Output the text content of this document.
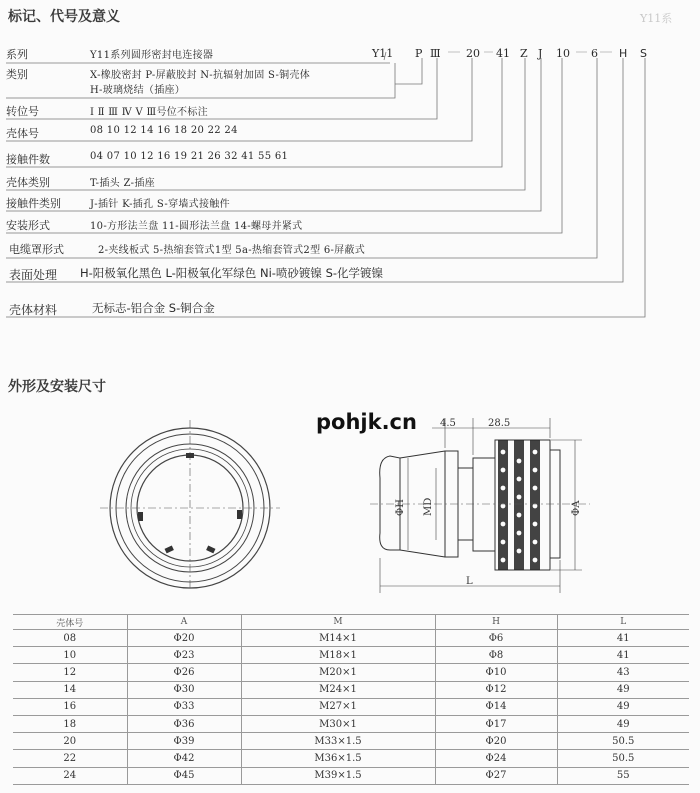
标记、代号及意义	Y11系
系列	Y11系列圆形密封电连接器
类别	X-橡胶密封 P-屏蔽胶封 N-抗辐射加固 S-铜壳体
H-玻璃烧结（插座）
转位号	Ⅰ Ⅱ Ⅲ Ⅳ Ⅴ Ⅲ号位不标注
壳体号	08 10 12 14 16 18 20 22 24
接触件数	04 07 10 12 16 19 21 26 32 41 55 61
壳体类别	T-插头 Z-插座
接触件类别	J-插针 K-插孔 S-穿墙式接触件
安装形式	10-方形法兰盘 11-圆形法兰盘 14-螺母并紧式
电缆罩形式	2-夹线板式 5-热缩套管式1型 5a-热缩套管式2型 6-屏蔽式
表面处理 H-阳极氧化黑色 L-阳极氧化军绿色 Ni-喷砂镀镍 S-化学镀镍
壳体材料	无标志-铝合金 S-铜合金
Y11 P Ⅲ 20 41 Z J 10 6 H S
外形及安装尺寸
pohjk.cn 4.5	28.5
ΦH MD	ΦA
L
壳体号	A	M	H	L
08	Φ20	M14×1	Φ6	41
10	Φ23	M18×1	Φ8	41
12	Φ26	M20×1	Φ10	43
14	Φ30	M24×1	Φ12	49
16	Φ33	M27×1	Φ14	49
18	Φ36	M30×1	Φ17	49
20	Φ39	M33×1.5	Φ20	50.5
22	Φ42	M36×1.5	Φ24	50.5
24	Φ45	M39×1.5	Φ27	55
